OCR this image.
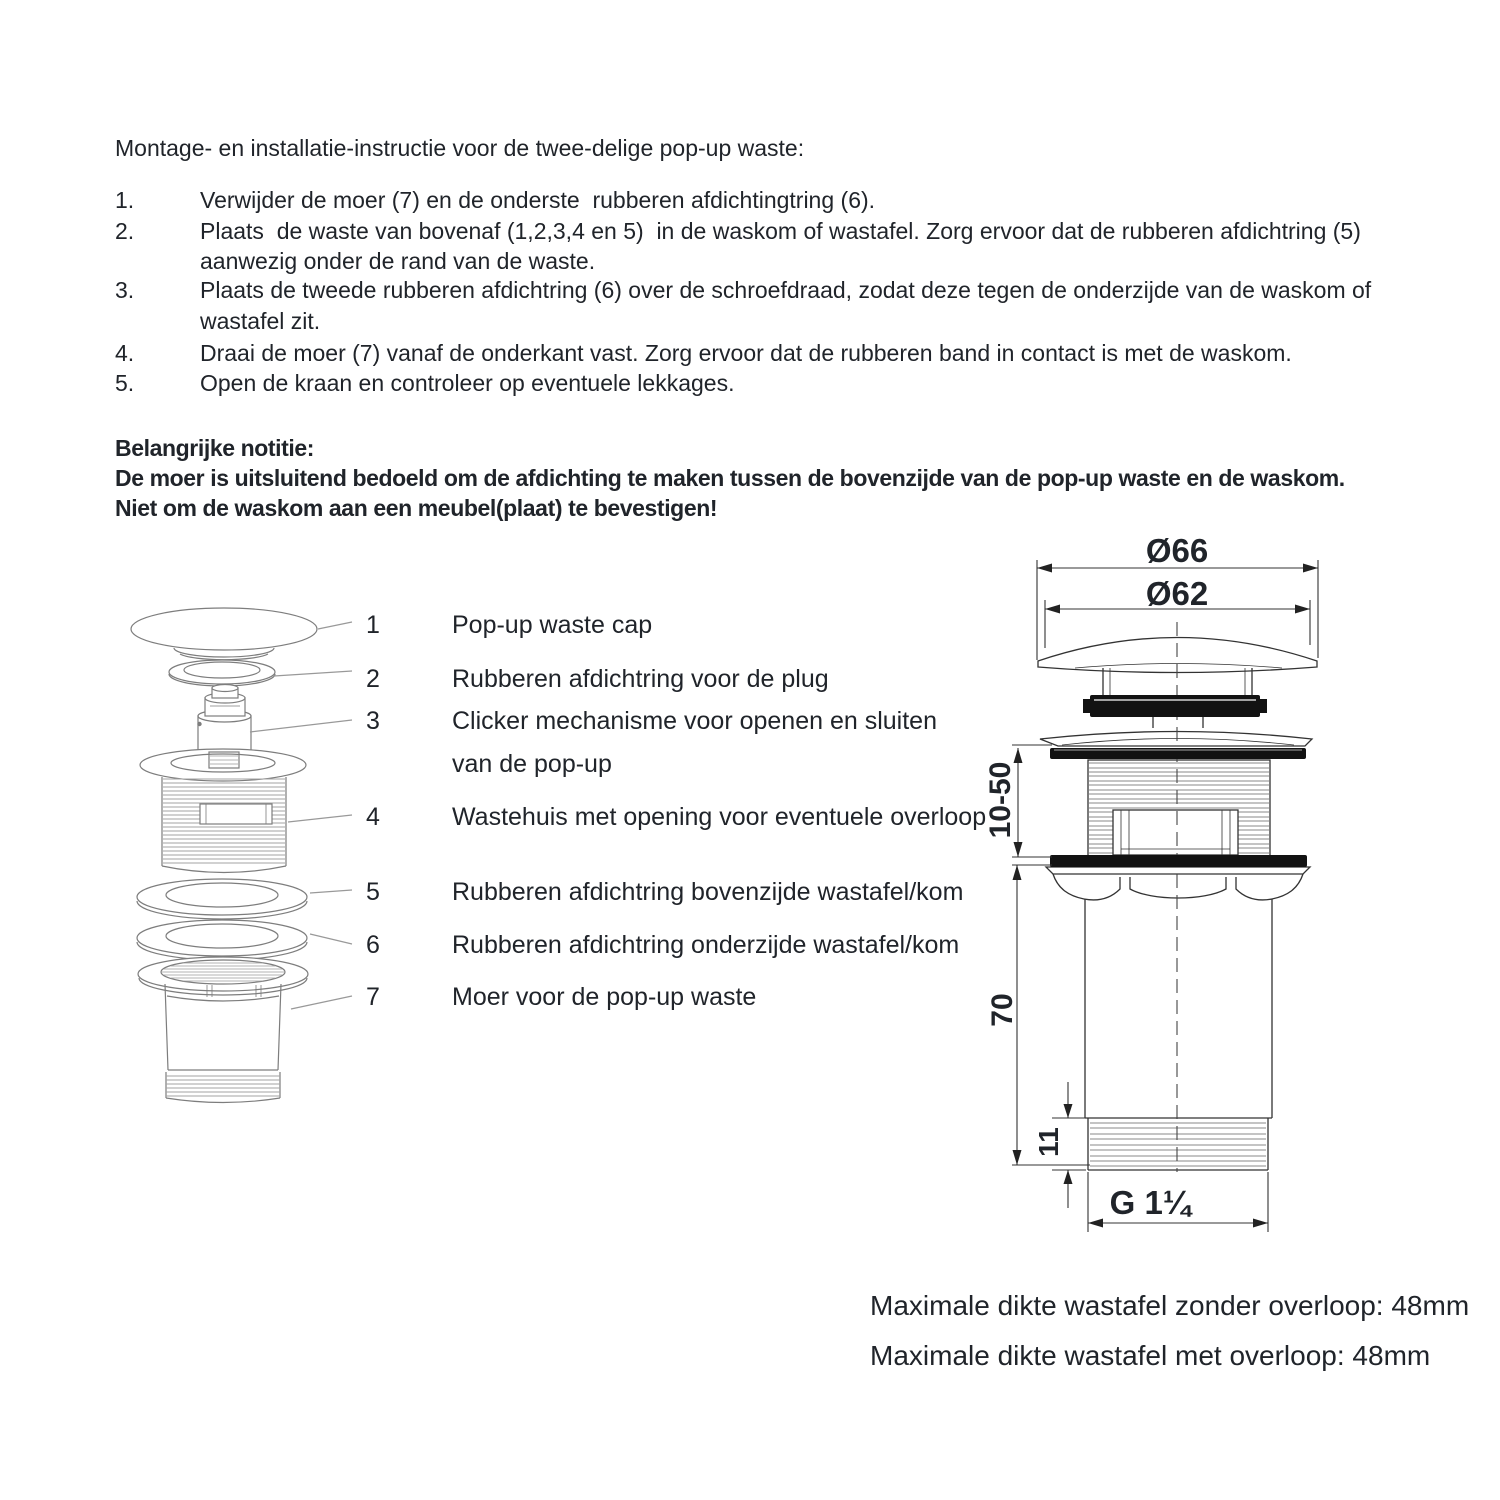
Montage- en installatie-instructie voor de twee-delige pop-up waste:
1.	Verwijder de moer (7) en de onderste  rubberen afdichtingtring (6).
2.	Plaats  de waste van bovenaf (1,2,3,4 en 5)  in de waskom of wastafel. Zorg ervoor dat de rubberen afdichtring (5)
aanwezig onder de rand van de waste.
3.	Plaats de tweede rubberen afdichtring (6) over de schroefdraad, zodat deze tegen de onderzijde van de waskom of
wastafel zit.
4.	Draai de moer (7) vanaf de onderkant vast. Zorg ervoor dat de rubberen band in contact is met de waskom.
5.	Open de kraan en controleer op eventuele lekkages.
Belangrijke notitie:
De moer is uitsluitend bedoeld om de afdichting te maken tussen de bovenzijde van de pop-up waste en de waskom.
Niet om de waskom aan een meubel(plaat) te bevestigen!
1	Pop-up waste cap
2	Rubberen afdichtring voor de plug
3	Clicker mechanisme voor openen en sluiten
van de pop-up
4	Wastehuis met opening voor eventuele overloop
5	Rubberen afdichtring bovenzijde wastafel/kom
6	Rubberen afdichtring onderzijde wastafel/kom
7	Moer voor de pop-up waste
Ø66
Ø62
10-50
70
11
G 1¼
Maximale dikte wastafel zonder overloop: 48mm
Maximale dikte wastafel met overloop: 48mm
